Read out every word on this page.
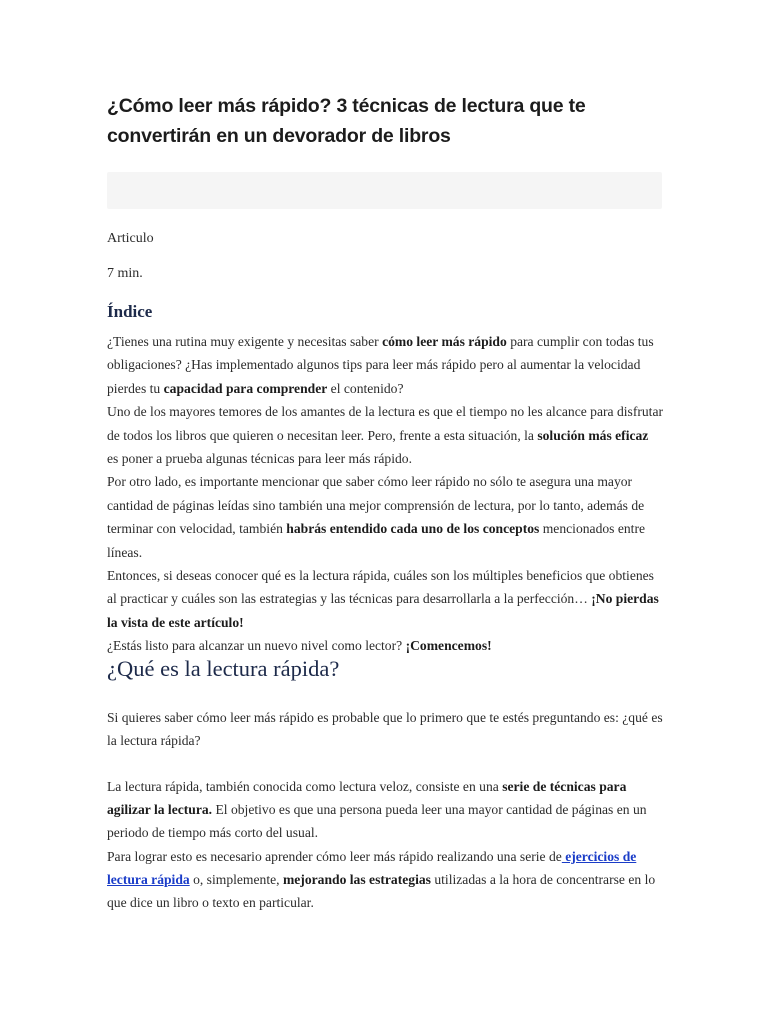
¿Cómo leer más rápido? 3 técnicas de lectura que te convertirán en un devorador de libros

Articulo

7 min.

Índice

¿Tienes una rutina muy exigente y necesitas saber cómo leer más rápido para cumplir con todas tus obligaciones? ¿Has implementado algunos tips para leer más rápido pero al aumentar la velocidad pierdes tu capacidad para comprender el contenido?

Uno de los mayores temores de los amantes de la lectura es que el tiempo no les alcance para disfrutar de todos los libros que quieren o necesitan leer. Pero, frente a esta situación, la solución más eficaz es poner a prueba algunas técnicas para leer más rápido.

Por otro lado, es importante mencionar que saber cómo leer rápido no sólo te asegura una mayor cantidad de páginas leídas sino también una mejor comprensión de lectura, por lo tanto, además de terminar con velocidad, también habrás entendido cada uno de los conceptos mencionados entre líneas.

Entonces, si deseas conocer qué es la lectura rápida, cuáles son los múltiples beneficios que obtienes al practicar y cuáles son las estrategias y las técnicas para desarrollarla a la perfección… ¡No pierdas la vista de este artículo!

¿Estás listo para alcanzar un nuevo nivel como lector? ¡Comencemos!

¿Qué es la lectura rápida?

Si quieres saber cómo leer más rápido es probable que lo primero que te estés preguntando es: ¿qué es la lectura rápida?

La lectura rápida, también conocida como lectura veloz, consiste en una serie de técnicas para agilizar la lectura. El objetivo es que una persona pueda leer una mayor cantidad de páginas en un periodo de tiempo más corto del usual.

Para lograr esto es necesario aprender cómo leer más rápido realizando una serie de ejercicios de lectura rápida o, simplemente, mejorando las estrategias utilizadas a la hora de concentrarse en lo que dice un libro o texto en particular.
